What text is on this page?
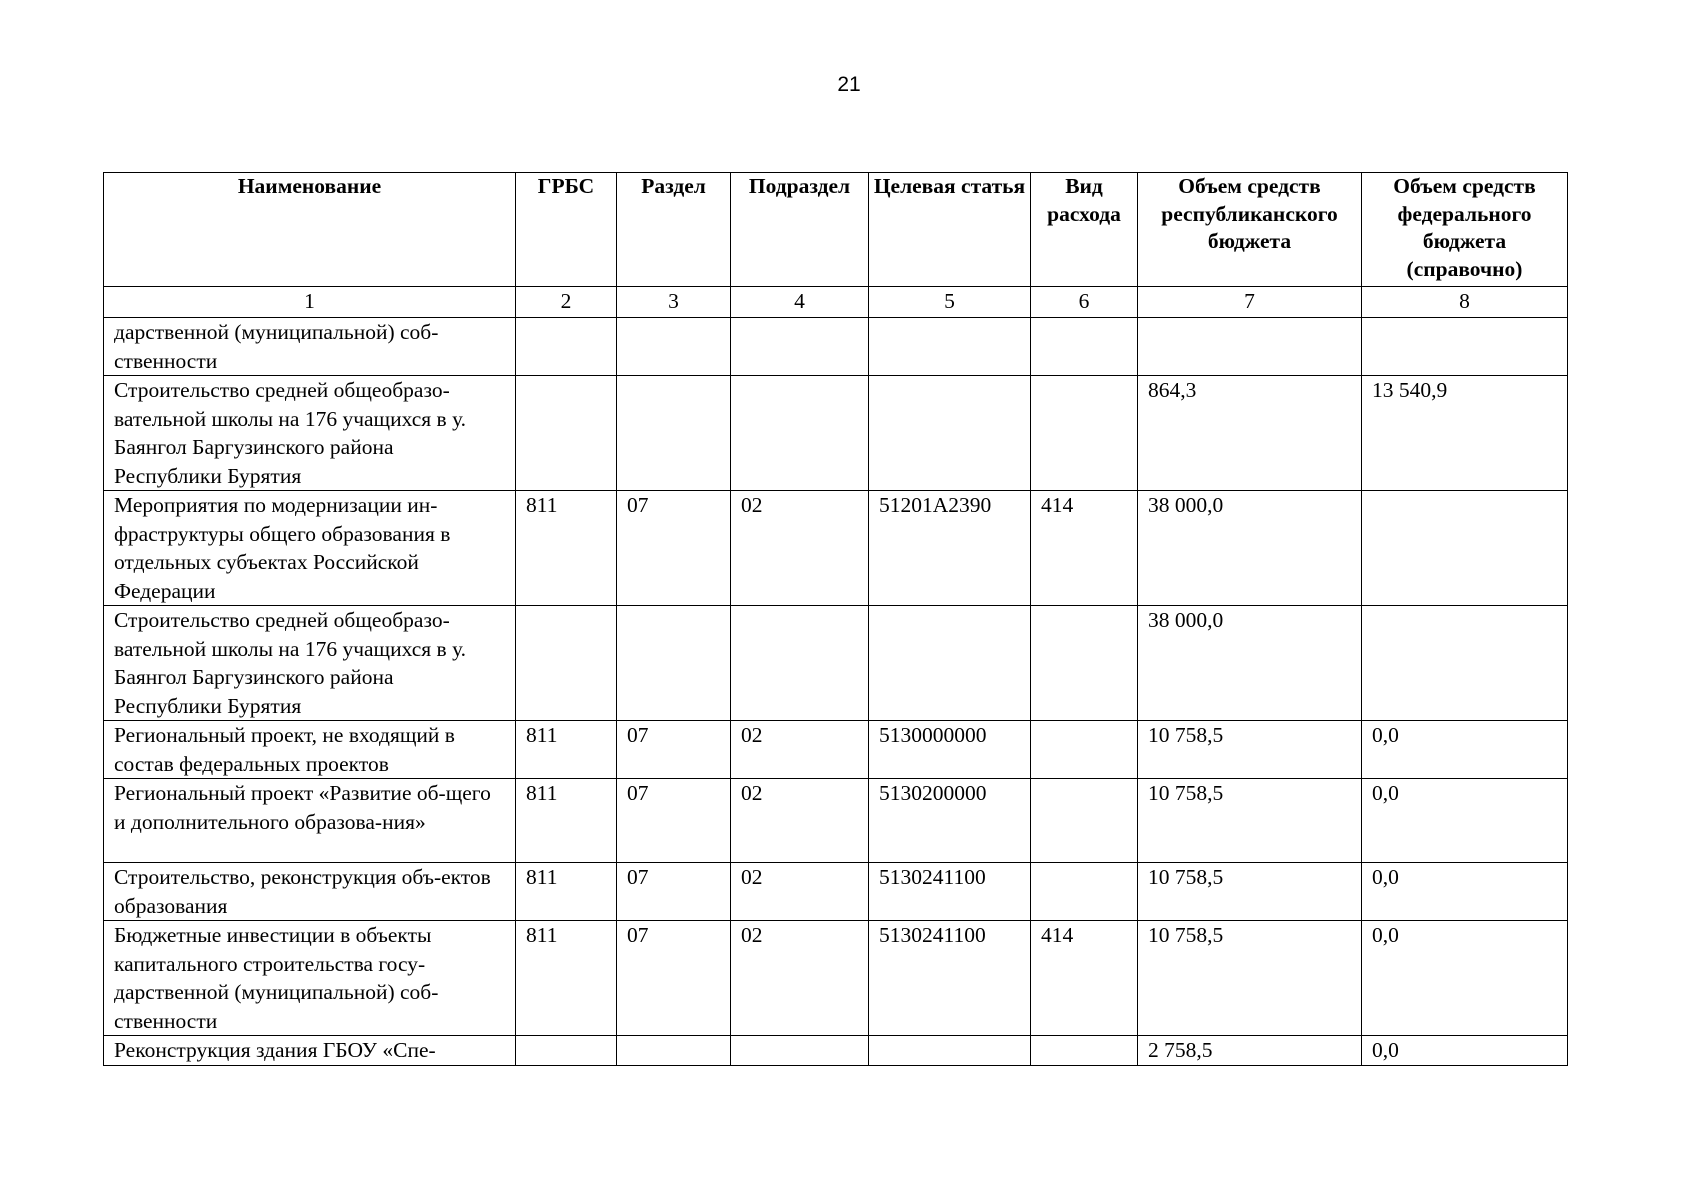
21
Наименование	ГРБС	Раздел	Подраздел	Целевая статья	Вид расхода	Объем средств республиканского бюджета	Объем средств федерального бюджета (справочно)
1	2	3	4	5	6	7	8
дарственной (муниципальной) соб-ственности							
Строительство средней общеобразо-вательной школы на 176 учащихся в у. Баянгол Баргузинского района Республики Бурятия						864,3	13 540,9
Мероприятия по модернизации ин-фраструктуры общего образования в отдельных субъектах Российской Федерации	811	07	02	51201A2390	414	38 000,0	
Строительство средней общеобразо-вательной школы на 176 учащихся в у. Баянгол Баргузинского района Республики Бурятия						38 000,0	
Региональный проект, не входящий в состав федеральных проектов	811	07	02	5130000000		10 758,5	0,0
Региональный проект «Развитие об-щего и дополнительного образова-ния»	811	07	02	5130200000		10 758,5	0,0
Строительство, реконструкция объ-ектов образования	811	07	02	5130241100		10 758,5	0,0
Бюджетные инвестиции в объекты капитального строительства госу-дарственной (муниципальной) соб-ственности	811	07	02	5130241100	414	10 758,5	0,0
Реконструкция здания ГБОУ «Спе-						2 758,5	0,0
